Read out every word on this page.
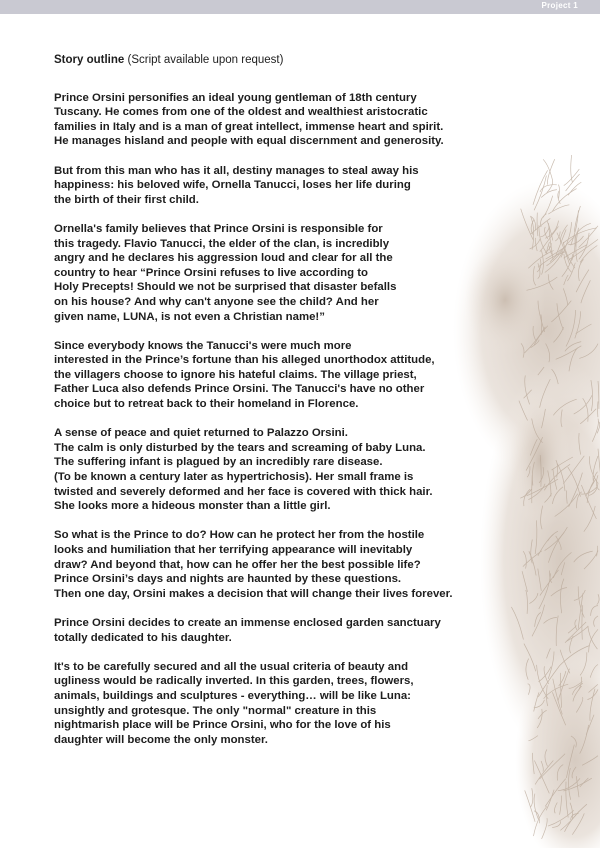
Project 1
Story outline (Script available upon request)

Prince Orsini personifies an ideal young gentleman of 18th century
Tuscany. He comes from one of the oldest and wealthiest aristocratic
families in Italy and is a man of great intellect, immense heart and spirit.
He manages hisland and people with equal discernment and generosity.

But from this man who has it all, destiny manages to steal away his
happiness: his beloved wife, Ornella Tanucci, loses her life during
the birth of their first child.

Ornella's family believes that Prince Orsini is responsible for
this tragedy. Flavio Tanucci, the elder of the clan, is incredibly
angry and he declares his aggression loud and clear for all the
country to hear “Prince Orsini refuses to live according to
Holy Precepts! Should we not be surprised that disaster befalls
on his house? And why can't anyone see the child? And her
given name, LUNA, is not even a Christian name!”

Since everybody knows the Tanucci's were much more
interested in the Prince’s fortune than his alleged unorthodox attitude,
the villagers choose to ignore his hateful claims. The village priest,
Father Luca also defends Prince Orsini. The Tanucci's have no other
choice but to retreat back to their homeland in Florence.

A sense of peace and quiet returned to Palazzo Orsini.
The calm is only disturbed by the tears and screaming of baby Luna.
The suffering infant is plagued by an incredibly rare disease.
(To be known a century later as hypertrichosis). Her small frame is
twisted and severely deformed and her face is covered with thick hair.
She looks more a hideous monster than a little girl.

So what is the Prince to do? How can he protect her from the hostile
looks and humiliation that her terrifying appearance will inevitably
draw? And beyond that, how can he offer her the best possible life?
Prince Orsini’s days and nights are haunted by these questions.
Then one day, Orsini makes a decision that will change their lives forever.

Prince Orsini decides to create an immense enclosed garden sanctuary
totally dedicated to his daughter.

It's to be carefully secured and all the usual criteria of beauty and
ugliness would be radically inverted. In this garden, trees, flowers,
animals, buildings and sculptures - everything… will be like Luna:
unsightly and grotesque. The only "normal" creature in this
nightmarish place will be Prince Orsini, who for the love of his
daughter will become the only monster.
